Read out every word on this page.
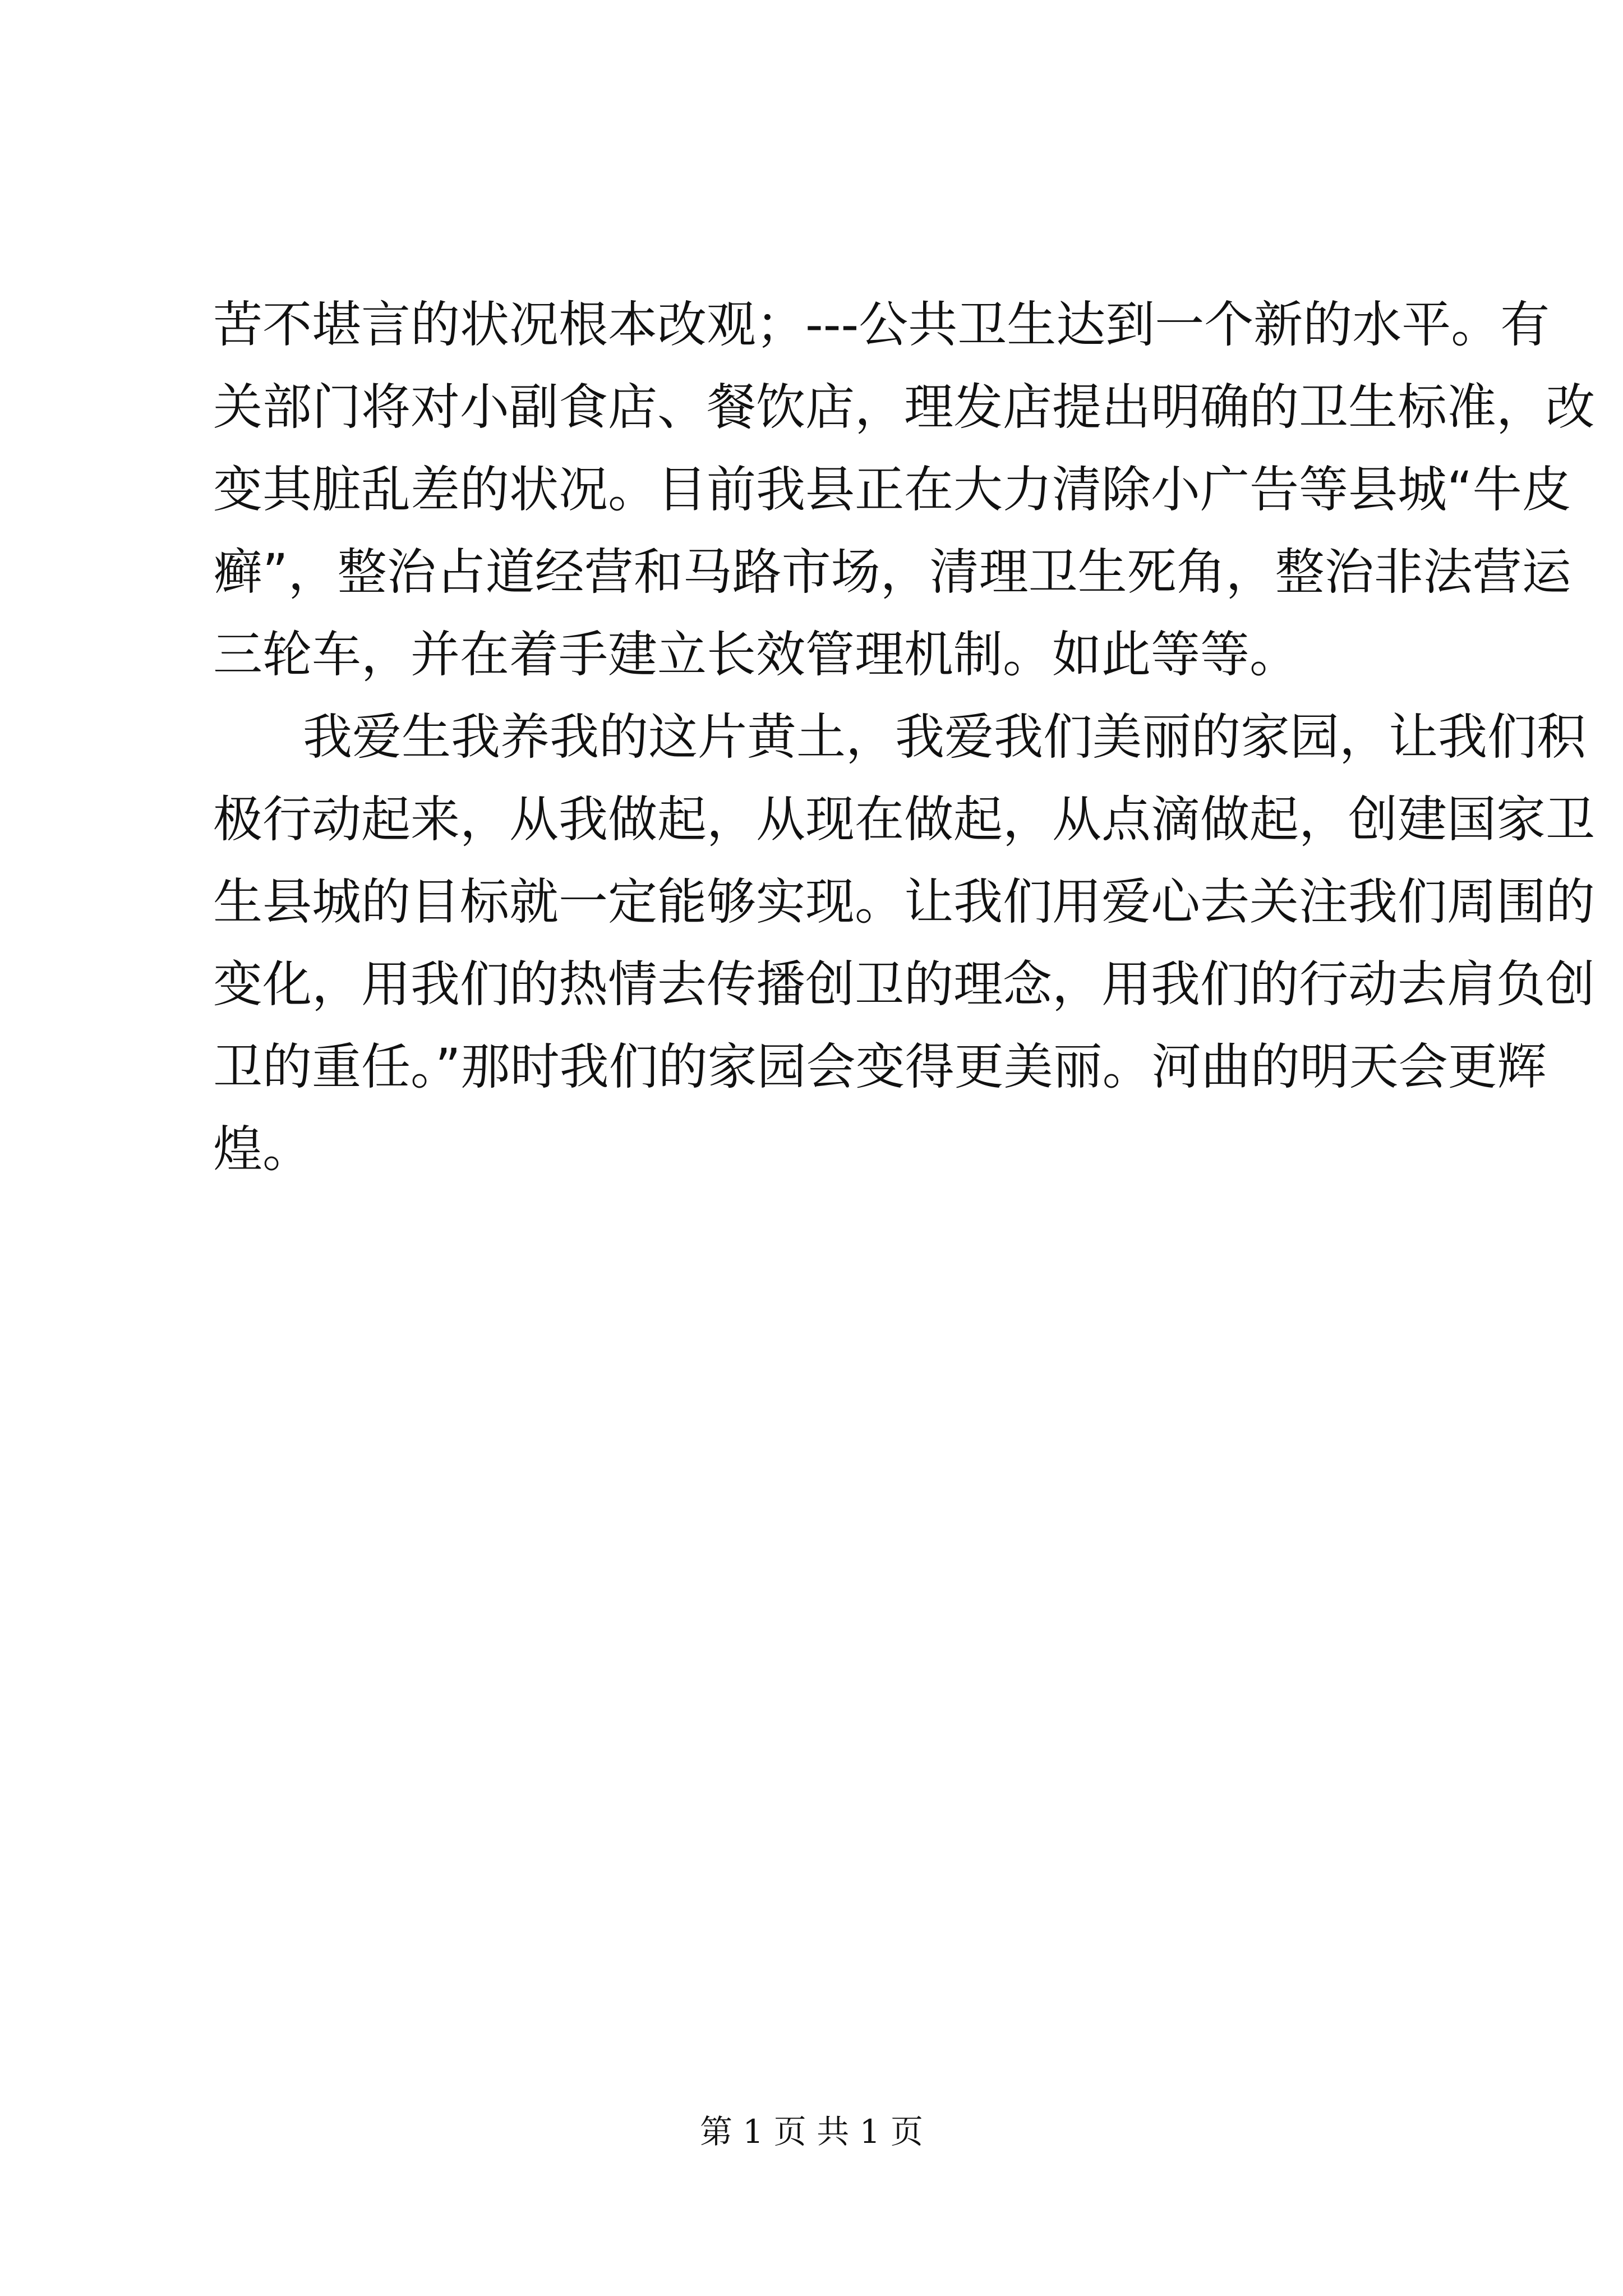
苦不堪言的状况根本改观；---公共卫生达到一个新的水平。有
关部门将对小副食店、餐饮店，理发店提出明确的卫生标准，改
变其脏乱差的状况。目前我县正在大力清除小广告等县城“牛皮
癣”，整治占道经营和马路市场，清理卫生死角，整治非法营运
三轮车，并在着手建立长效管理机制。如此等等。
我爱生我养我的这片黄土，我爱我们美丽的家园，让我们积
极行动起来，从我做起，从现在做起，从点滴做起，创建国家卫
生县城的目标就一定能够实现。让我们用爱心去关注我们周围的
变化，用我们的热情去传播创卫的理念，用我们的行动去肩负创
卫的重任。”那时我们的家园会变得更美丽。河曲的明天会更辉
煌。
第 1 页 共 1 页
